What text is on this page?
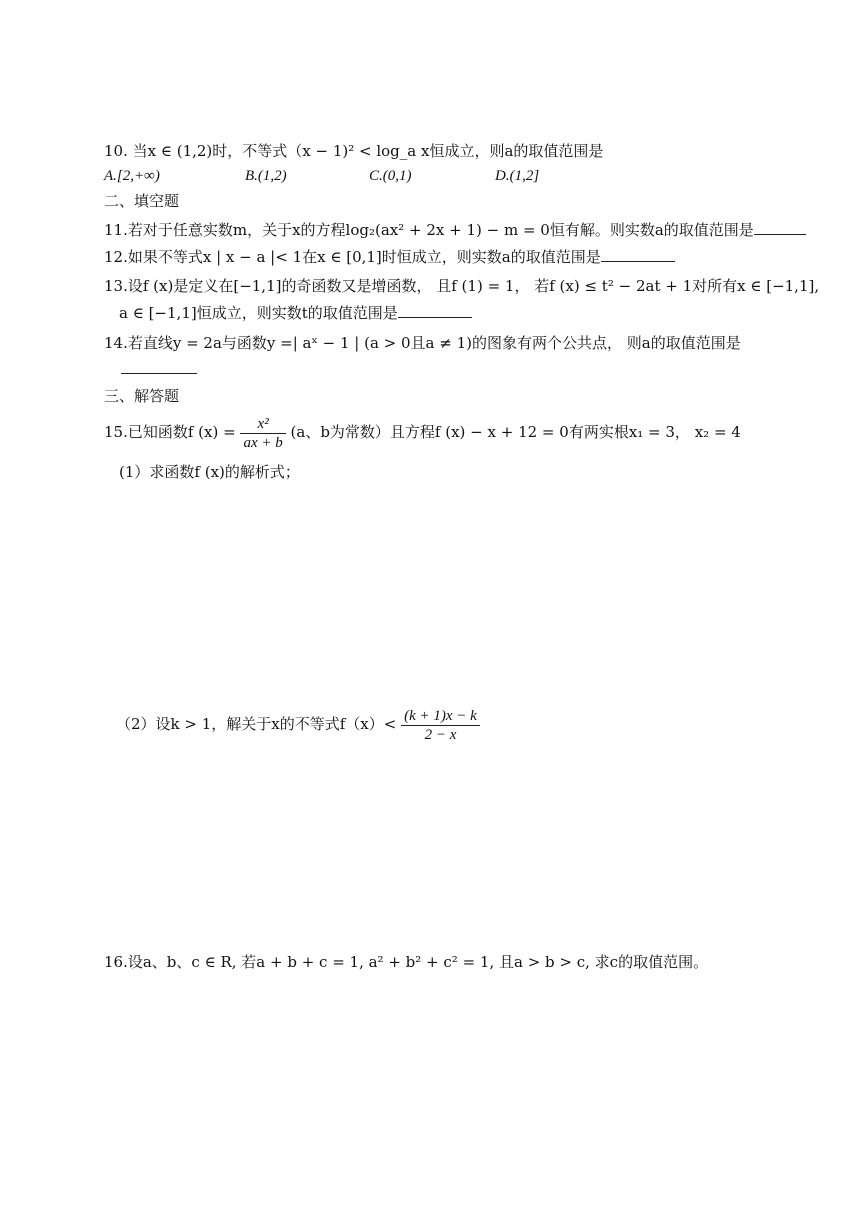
10. 当x ∈ (1,2)时，不等式（x − 1)² < log_a x恒成立，则a的取值范围是
A.[2,+∞)	B.(1,2)	C.(0,1)	D.(1,2]
二、填空题
11.若对于任意实数m，关于x的方程log₂(ax² + 2x + 1) − m = 0恒有解。则实数a的取值范围是
12.如果不等式x | x − a |< 1在x ∈ [0,1]时恒成立，则实数a的取值范围是
13.设f (x)是定义在[−1,1]的奇函数又是增函数， 且f (1) = 1， 若f (x) ≤ t² − 2at + 1对所有x ∈ [−1,1],
a ∈ [−1,1]恒成立，则实数t的取值范围是
14.若直线y = 2a与函数y =| aˣ − 1 | (a > 0且a ≠ 1)的图象有两个公共点， 则a的取值范围是
三、解答题
15.已知函数f $(x) = \frac{\text{x²}}{ax + b} (a$、b为常数）且方程f (x) − x + 12 = 0有两实根x₁ = 3， x₂ = 4
(1）求函数f (x)的解析式；
（2）设k > 1，解关于x的不等式$f(x)< \frac{(k + 1)x - k}{2 - x}$
16.设a、b、c ∈ R, 若a + b + c = 1, a² + b² + c² = 1, 且a > b > c, 求c的取值范围。
